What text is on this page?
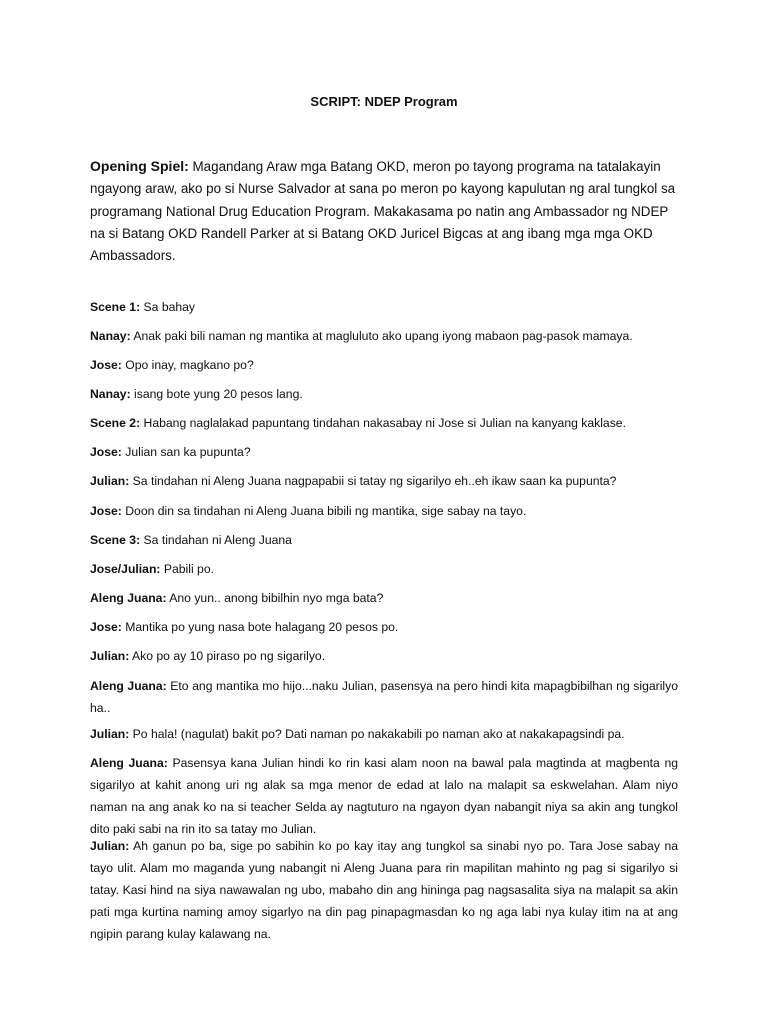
SCRIPT: NDEP Program
Opening Spiel: Magandang Araw mga Batang OKD, meron po tayong programa na tatalakayin ngayong araw, ako po si Nurse Salvador at sana po meron po kayong kapulutan ng aral tungkol sa programang National Drug Education Program. Makakasama po natin ang Ambassador ng NDEP na si Batang OKD Randell Parker at si Batang OKD Juricel Bigcas at ang ibang mga mga OKD Ambassadors.
Scene 1: Sa bahay
Nanay: Anak paki bili naman ng mantika at magluluto ako upang iyong mabaon pag-pasok mamaya.
Jose: Opo inay, magkano po?
Nanay: isang bote yung 20 pesos lang.
Scene 2: Habang naglalakad papuntang tindahan nakasabay ni Jose si Julian na kanyang kaklase.
Jose: Julian san ka pupunta?
Julian: Sa tindahan ni Aleng Juana nagpapabii si tatay ng sigarilyo eh..eh ikaw saan ka pupunta?
Jose: Doon din sa tindahan ni Aleng Juana bibili ng mantika, sige sabay na tayo.
Scene 3: Sa tindahan ni Aleng Juana
Jose/Julian: Pabili po.
Aleng Juana: Ano yun.. anong bibilhin nyo mga bata?
Jose: Mantika po yung nasa bote halagang 20 pesos po.
Julian: Ako po ay 10 piraso po ng sigarilyo.
Aleng Juana: Eto ang mantika mo hijo...naku Julian, pasensya na pero hindi kita mapagbibilhan ng sigarilyo ha..
Julian: Po hala! (nagulat) bakit po? Dati naman po nakakabili po naman ako at nakakapagsindi pa.
Aleng Juana: Pasensya kana Julian hindi ko rin kasi alam noon na bawal pala magtinda at magbenta ng sigarilyo at kahit anong uri ng alak sa mga menor de edad at lalo na malapit sa eskwelahan. Alam niyo naman na ang anak ko na si teacher Selda ay nagtuturo na ngayon dyan nabangit niya sa akin ang tungkol dito paki sabi na rin ito sa tatay mo Julian.
Julian: Ah ganun po ba, sige po sabihin ko po kay itay ang tungkol sa sinabi nyo po. Tara Jose sabay na tayo ulit. Alam mo maganda yung nabangit ni Aleng Juana para rin mapilitan mahinto ng pag si sigarilyo si tatay. Kasi hind na siya nawawalan ng ubo, mabaho din ang hininga pag nagsasalita siya na malapit sa akin pati mga kurtina naming amoy sigarlyo na din pag pinapagmasdan ko ng aga labi nya kulay itim na at ang ngipin parang kulay kalawang na.
